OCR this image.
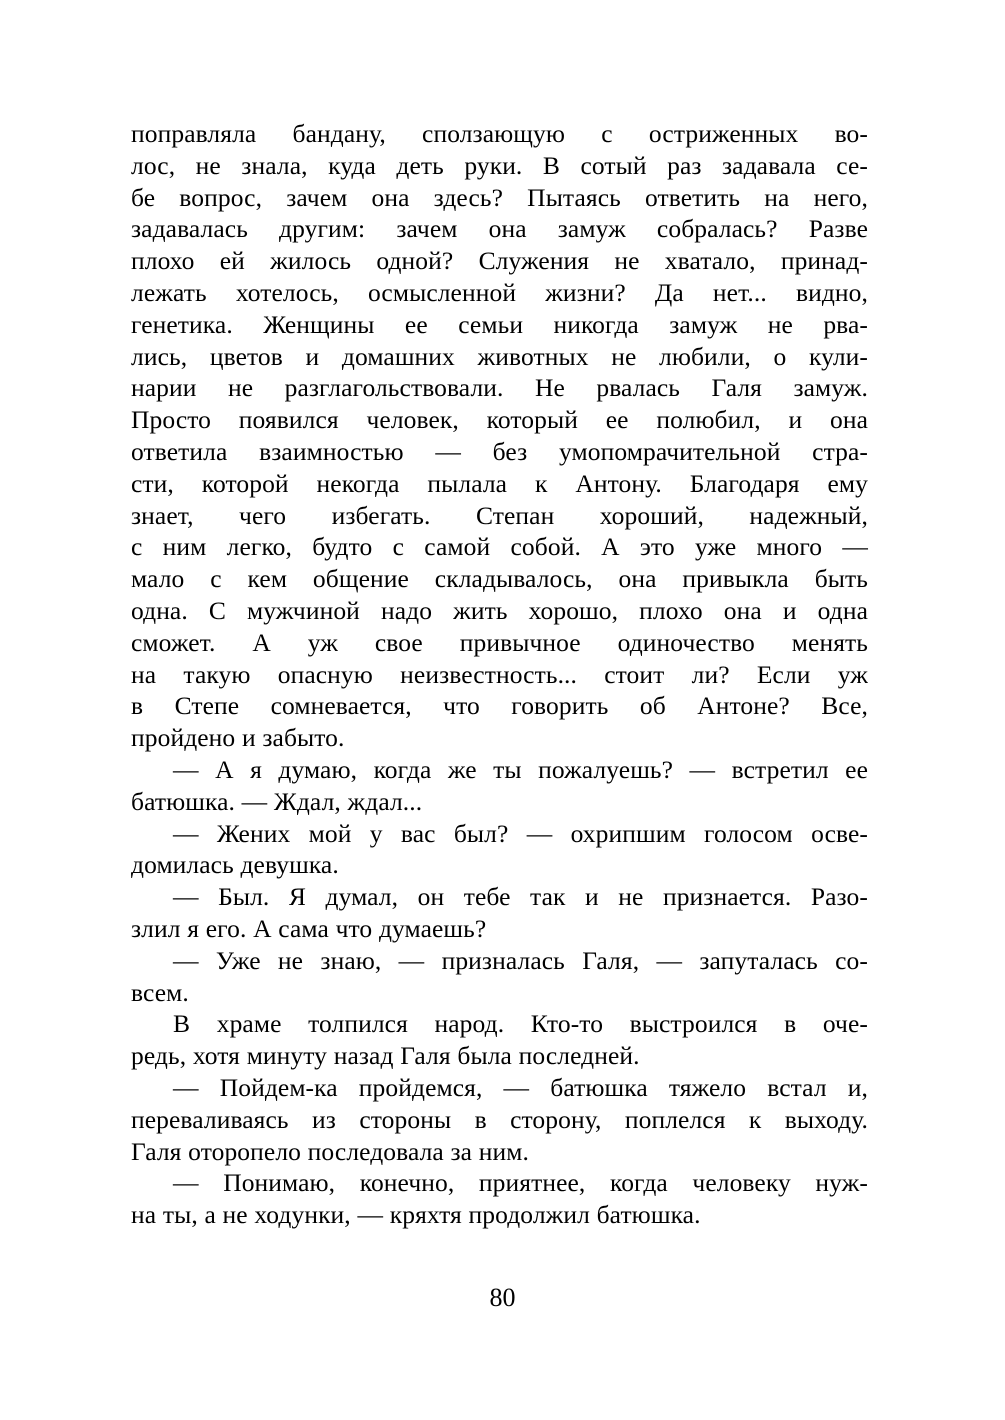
поправляла бандану, сползающую с остриженных во-
лос, не знала, куда деть руки. В сотый раз задавала се-
бе вопрос, зачем она здесь? Пытаясь ответить на него,
задавалась другим: зачем она замуж собралась? Разве
плохо ей жилось одной? Служения не хватало, принад-
лежать хотелось, осмысленной жизни? Да нет... видно,
генетика. Женщины ее семьи никогда замуж не рва-
лись, цветов и домашних животных не любили, о кули-
нарии не разглагольствовали. Не рвалась Галя замуж.
Просто появился человек, который ее полюбил, и она
ответила взаимностью — без умопомрачительной стра-
сти, которой некогда пылала к Антону. Благодаря ему
знает, чего избегать. Степан хороший, надежный,
с ним легко, будто с самой собой. А это уже много —
мало с кем общение складывалось, она привыкла быть
одна. С мужчиной надо жить хорошо, плохо она и одна
сможет. А уж свое привычное одиночество менять
на такую опасную неизвестность... стоит ли? Если уж
в Степе сомневается, что говорить об Антоне? Все,
пройдено и забыто.

— А я думаю, когда же ты пожалуешь? — встретил ее
батюшка. — Ждал, ждал...

— Жених мой у вас был? — охрипшим голосом осве-
домилась девушка.

— Был. Я думал, он тебе так и не признается. Разо-
злил я его. А сама что думаешь?

— Уже не знаю, — призналась Галя, — запуталась со-
всем.

В храме толпился народ. Кто-то выстроился в оче-
редь, хотя минуту назад Галя была последней.

— Пойдем-ка пройдемся, — батюшка тяжело встал и,
переваливаясь из стороны в сторону, поплелся к выходу.
Галя оторопело последовала за ним.

— Понимаю, конечно, приятнее, когда человеку нуж-
на ты, а не ходунки, — кряхтя продолжил батюшка.

80
